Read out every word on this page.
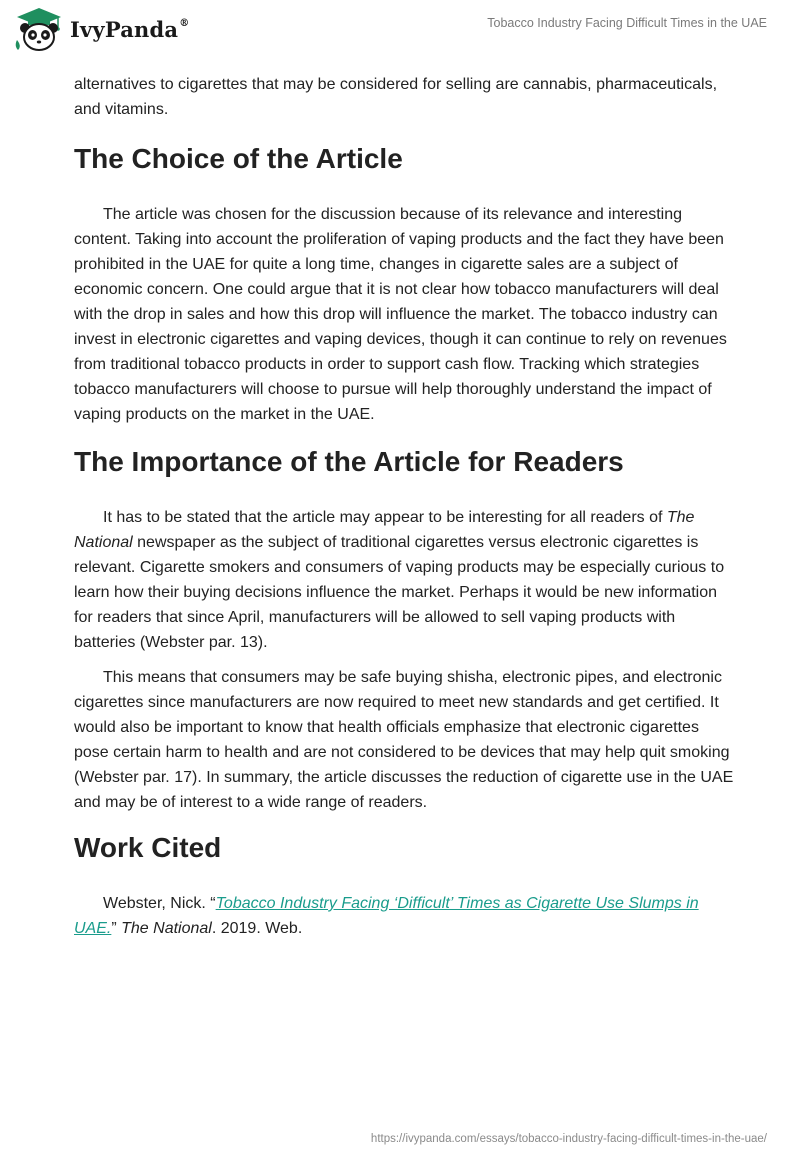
IvyPanda®	Tobacco Industry Facing Difficult Times in the UAE

alternatives to cigarettes that may be considered for selling are cannabis, pharmaceuticals, and vitamins.

The Choice of the Article

The article was chosen for the discussion because of its relevance and interesting content. Taking into account the proliferation of vaping products and the fact they have been prohibited in the UAE for quite a long time, changes in cigarette sales are a subject of economic concern. One could argue that it is not clear how tobacco manufacturers will deal with the drop in sales and how this drop will influence the market. The tobacco industry can invest in electronic cigarettes and vaping devices, though it can continue to rely on revenues from traditional tobacco products in order to support cash flow. Tracking which strategies tobacco manufacturers will choose to pursue will help thoroughly understand the impact of vaping products on the market in the UAE.

The Importance of the Article for Readers

It has to be stated that the article may appear to be interesting for all readers of The National newspaper as the subject of traditional cigarettes versus electronic cigarettes is relevant. Cigarette smokers and consumers of vaping products may be especially curious to learn how their buying decisions influence the market. Perhaps it would be new information for readers that since April, manufacturers will be allowed to sell vaping products with batteries (Webster par. 13).

This means that consumers may be safe buying shisha, electronic pipes, and electronic cigarettes since manufacturers are now required to meet new standards and get certified. It would also be important to know that health officials emphasize that electronic cigarettes pose certain harm to health and are not considered to be devices that may help quit smoking (Webster par. 17). In summary, the article discusses the reduction of cigarette use in the UAE and may be of interest to a wide range of readers.

Work Cited

Webster, Nick. “Tobacco Industry Facing ‘Difficult’ Times as Cigarette Use Slumps in UAE.” The National. 2019. Web.

https://ivypanda.com/essays/tobacco-industry-facing-difficult-times-in-the-uae/
